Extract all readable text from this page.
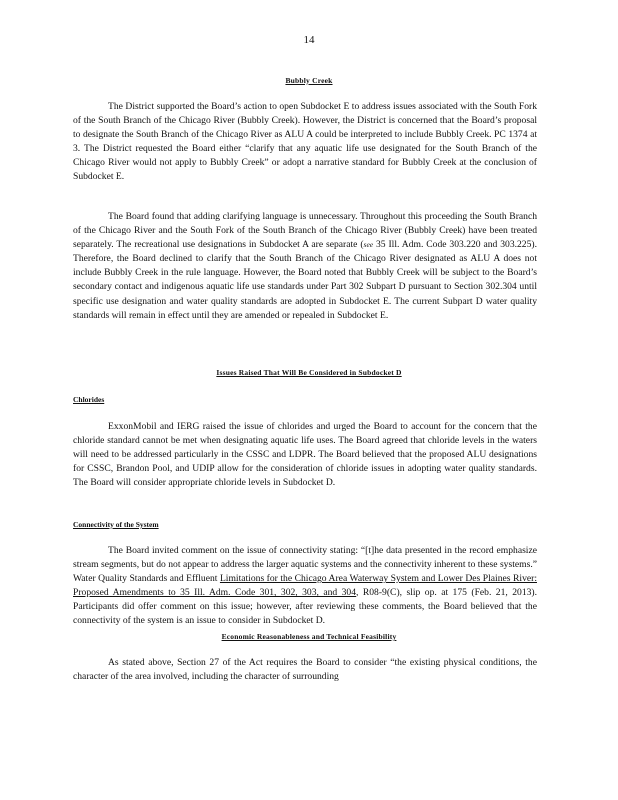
14
Bubbly Creek

The District supported the Board’s action to open Subdocket E to address issues associated with the South Fork of the South Branch of the Chicago River (Bubbly Creek). However, the District is concerned that the Board’s proposal to designate the South Branch of the Chicago River as ALU A could be interpreted to include Bubbly Creek. PC 1374 at 3. The District requested the Board either “clarify that any aquatic life use designated for the South Branch of the Chicago River would not apply to Bubbly Creek” or adopt a narrative standard for Bubbly Creek at the conclusion of Subdocket E.

The Board found that adding clarifying language is unnecessary. Throughout this proceeding the South Branch of the Chicago River and the South Fork of the South Branch of the Chicago River (Bubbly Creek) have been treated separately. The recreational use designations in Subdocket A are separate (see 35 Ill. Adm. Code 303.220 and 303.225). Therefore, the Board declined to clarify that the South Branch of the Chicago River designated as ALU A does not include Bubbly Creek in the rule language. However, the Board noted that Bubbly Creek will be subject to the Board’s secondary contact and indigenous aquatic life use standards under Part 302 Subpart D pursuant to Section 302.304 until specific use designation and water quality standards are adopted in Subdocket E. The current Subpart D water quality standards will remain in effect until they are amended or repealed in Subdocket E.

Issues Raised That Will Be Considered in Subdocket D
Chlorides

ExxonMobil and IERG raised the issue of chlorides and urged the Board to account for the concern that the chloride standard cannot be met when designating aquatic life uses. The Board agreed that chloride levels in the waters will need to be addressed particularly in the CSSC and LDPR. The Board believed that the proposed ALU designations for CSSC, Brandon Pool, and UDIP allow for the consideration of chloride issues in adopting water quality standards. The Board will consider appropriate chloride levels in Subdocket D.

Connectivity of the System

The Board invited comment on the issue of connectivity stating: “[t]he data presented in the record emphasize stream segments, but do not appear to address the larger aquatic systems and the connectivity inherent to these systems.” Water Quality Standards and Effluent Limitations for the Chicago Area Waterway System and Lower Des Plaines River: Proposed Amendments to 35 Ill. Adm. Code 301, 302, 303, and 304, R08-9(C), slip op. at 175 (Feb. 21, 2013). Participants did offer comment on this issue; however, after reviewing these comments, the Board believed that the connectivity of the system is an issue to consider in Subdocket D.

Economic Reasonableness and Technical Feasibility

As stated above, Section 27 of the Act requires the Board to consider “the existing physical conditions, the character of the area involved, including the character of surrounding
